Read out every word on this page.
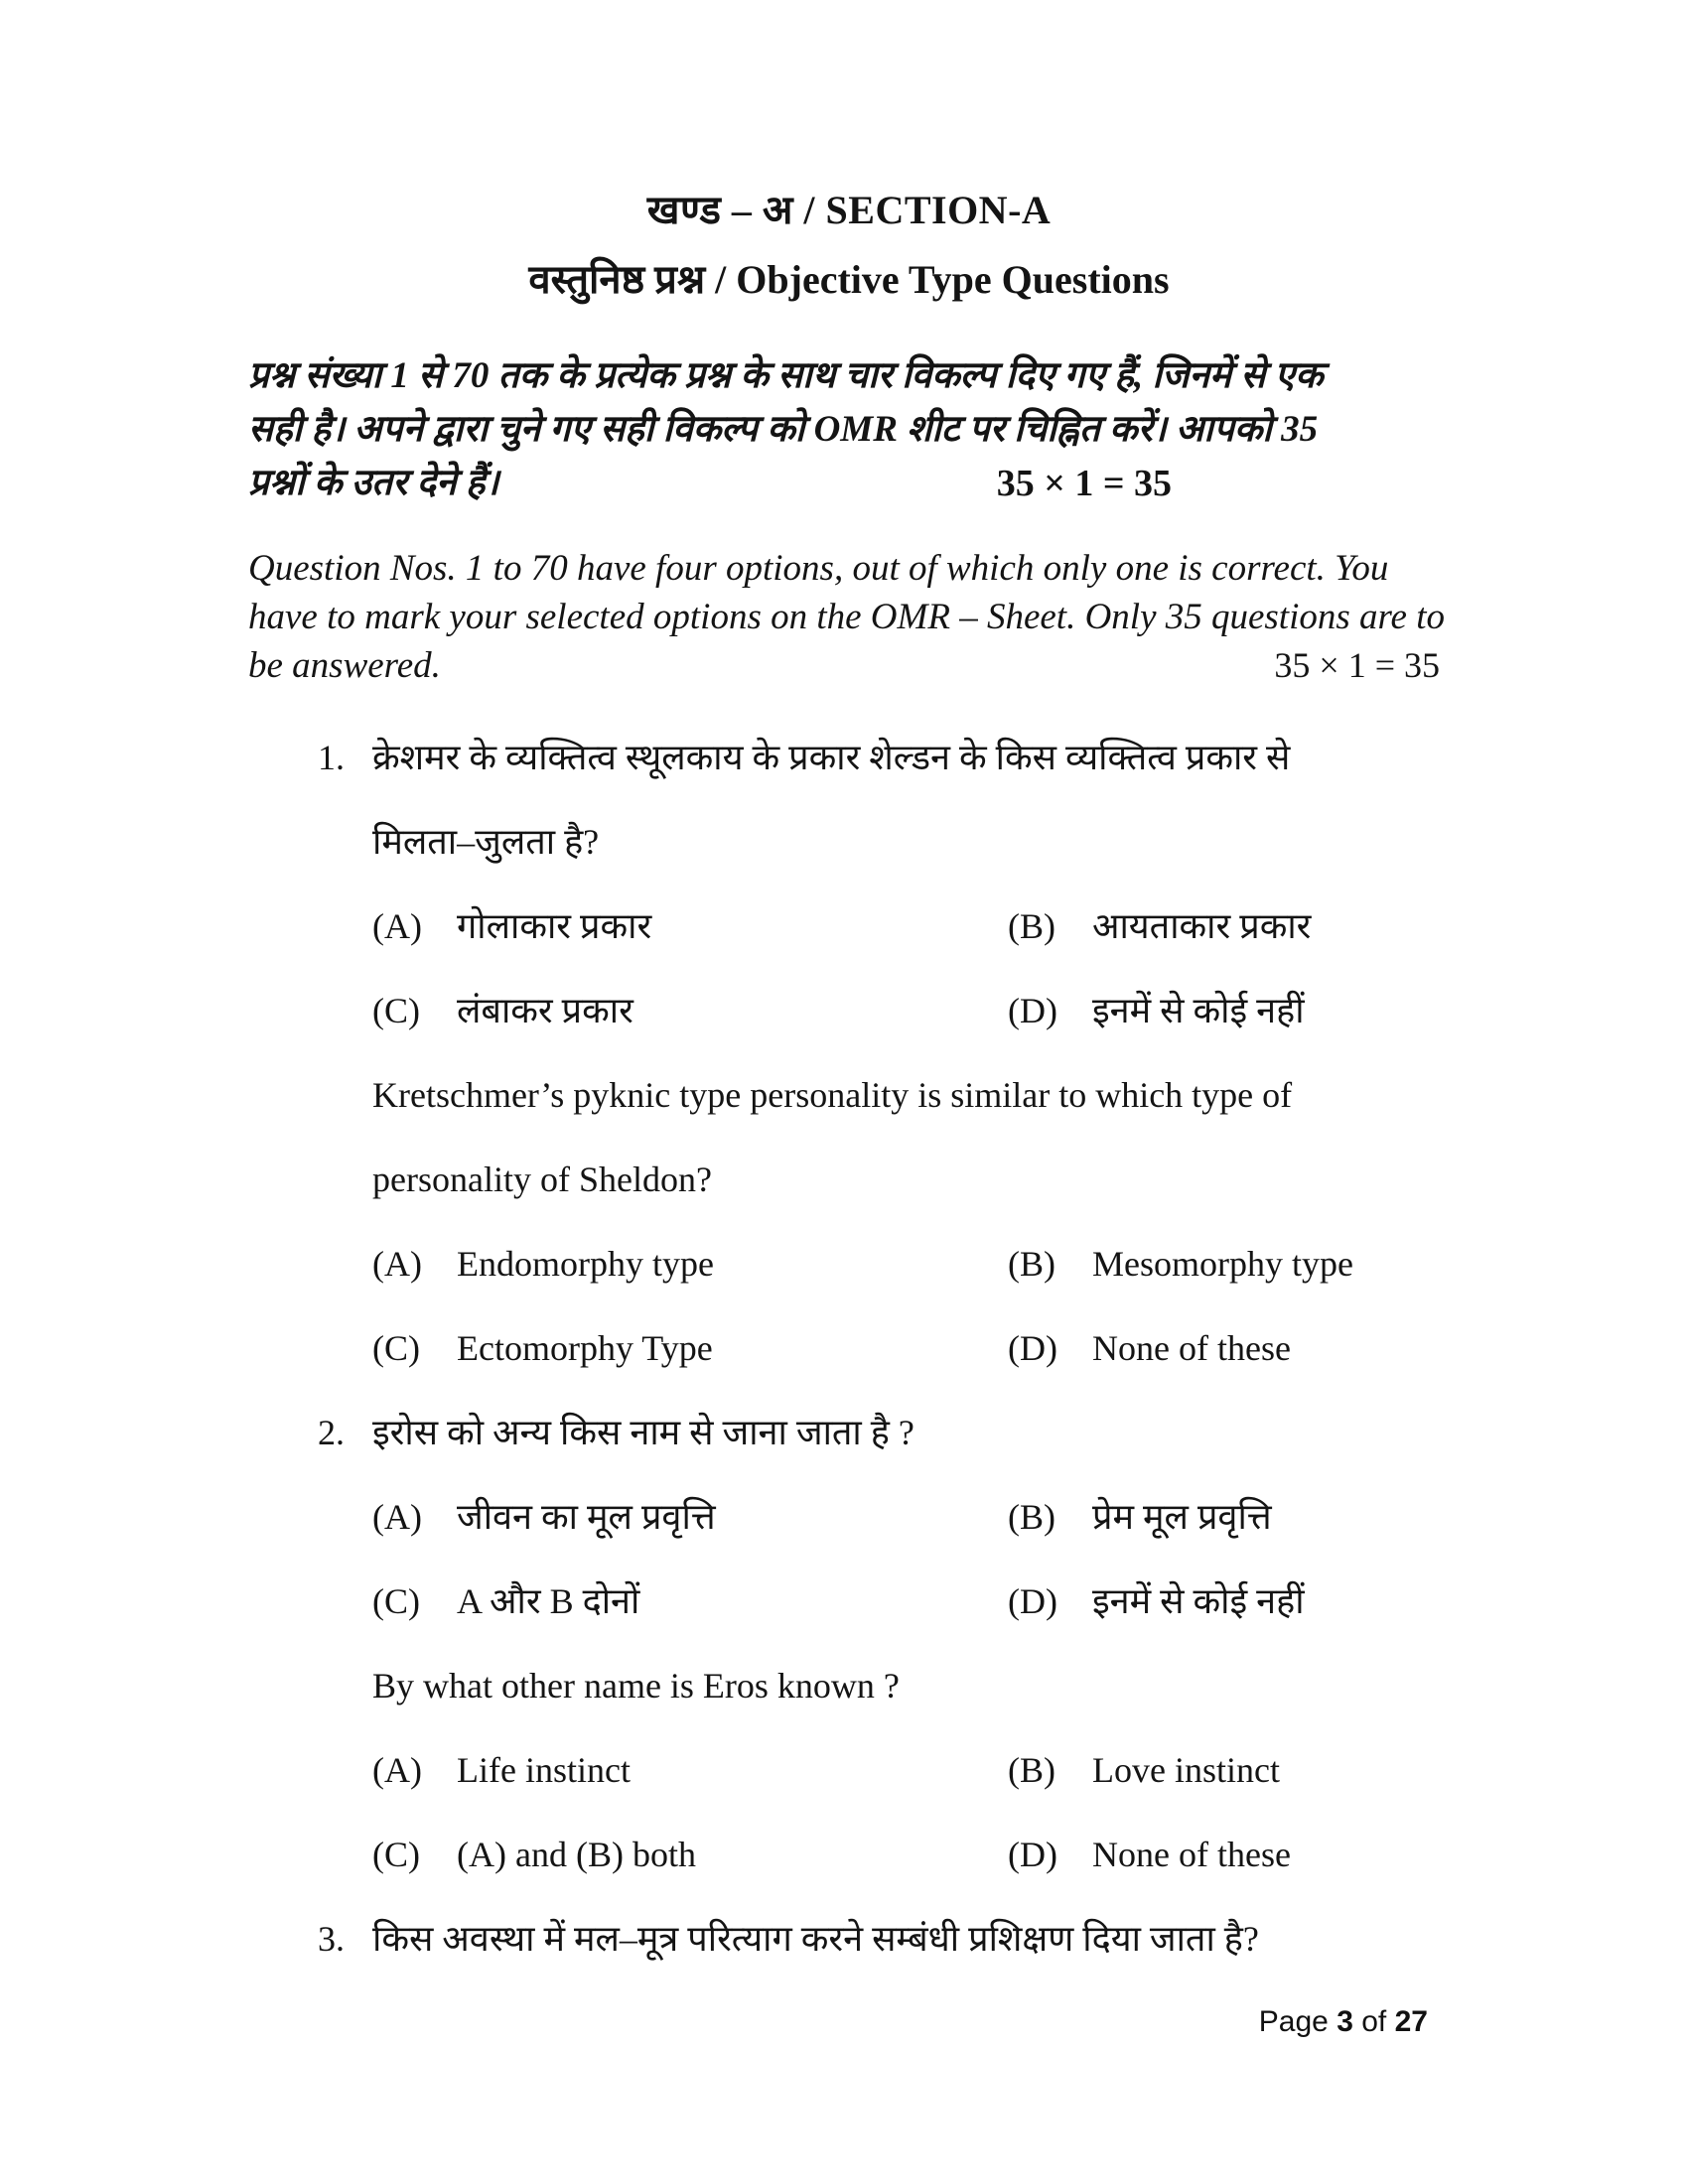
खण्ड – अ / SECTION-A
वस्तुनिष्ठ प्रश्न / Objective Type Questions
प्रश्न संख्या 1 से 70 तक के प्रत्येक प्रश्न के साथ चार विकल्प दिए गए हैं, जिनमें से एक
सही है। अपने द्वारा चुने गए सही विकल्प को OMR शीट पर चिह्नित करें। आपको 35
प्रश्नों के उतर देने हैं।	35 × 1 = 35
Question Nos. 1 to 70 have four options, out of which only one is correct. You
have to mark your selected options on the OMR – Sheet. Only 35 questions are to
be answered.	35 × 1 = 35
1. क्रेशमर के व्यक्तित्व स्थूलकाय के प्रकार शेल्डन के किस व्यक्तित्व प्रकार से
मिलता–जुलता है?
(A) गोलाकार प्रकार	(B)	आयताकार प्रकार
(C)	लंबाकर प्रकार	(D) इनमें से कोई नहीं
Kretschmer’s pyknic type personality is similar to which type of
personality of Sheldon?
(A) Endomorphy type	(B)	Mesomorphy type
(C)	Ectomorphy Type	(D) None of these
2. इरोस को अन्य किस नाम से जाना जाता है ?
(A) जीवन का मूल प्रवृत्ति	(B)	प्रेम मूल प्रवृत्ति
(C)	A और B दोनों	(D) इनमें से कोई नहीं
By what other name is Eros known ?
(A) Life instinct	(B)	Love instinct
(C)	(A) and (B) both	(D) None of these
3. किस अवस्था में मल–मूत्र परित्याग करने सम्बंधी प्रशिक्षण दिया जाता है?
Page 3 of 27
